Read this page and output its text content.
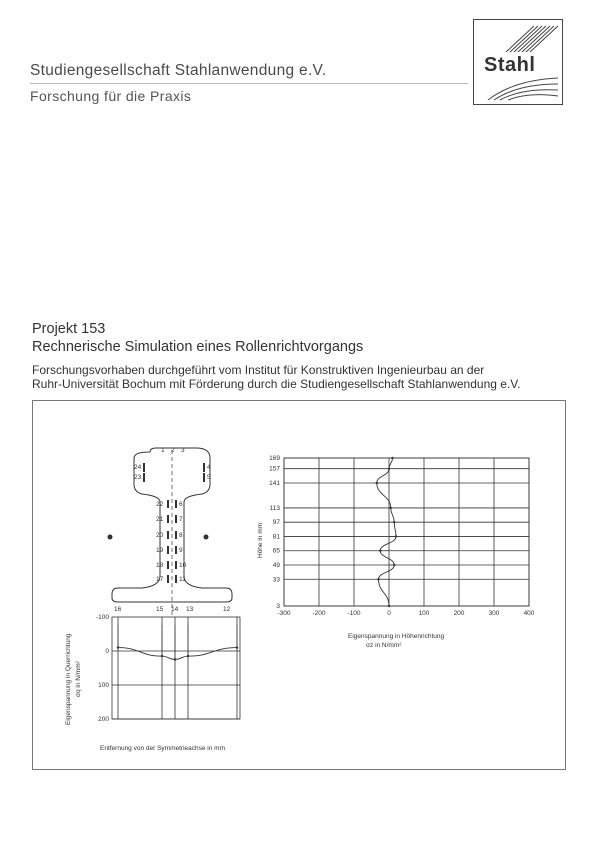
Studiengesellschaft Stahlanwendung e.V.
Forschung für die Praxis
Stahl
Projekt 153
Rechnerische Simulation eines Rollenrichtvorgangs
Forschungsvorhaben durchgeführt vom Institut für Konstruktiven Ingenieurbau an der
Ruhr-Universität Bochum mit Förderung durch die Studiengesellschaft Stahlanwendung e.V.
1 2 3
24	4
23	5
22 6
21 7
20 8
19 9
18 10
17 11
16	15 14 13	12
-100
0
100
200
Entfernung von der Symmetrieachse in mm
Eigenspannung in Querrichtung σq in N/mm²
3
33
49
65
81
97
113
141
157
169
-300	-200	-100	0	100	200	300	400
Eigenspannung in Höhenrichtung
σz in N/mm²
Höhe in mm
